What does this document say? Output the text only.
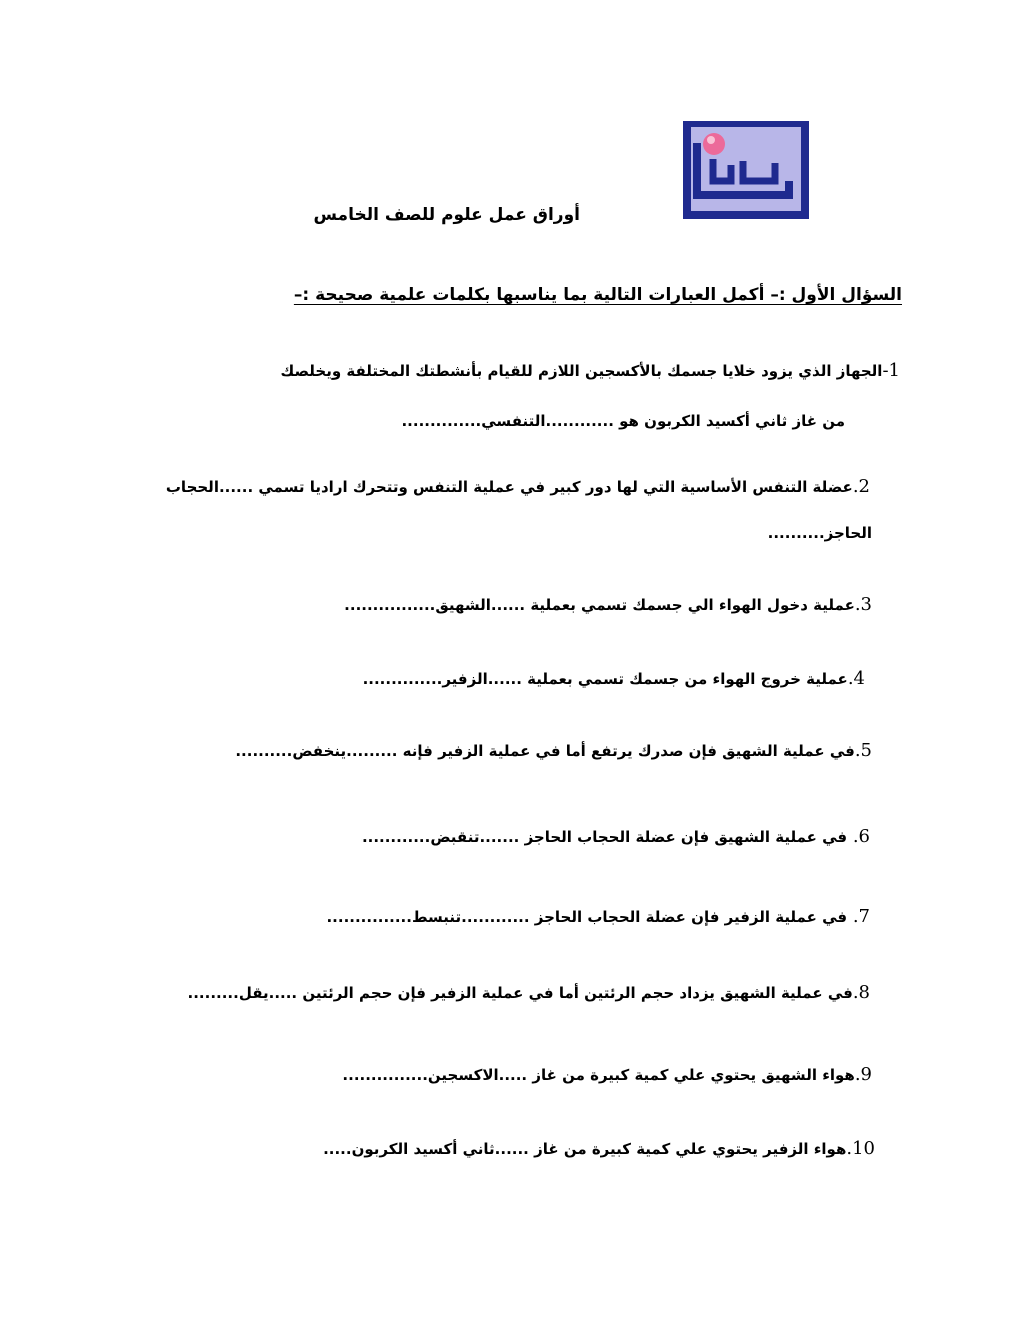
أوراق عمل علوم للصف الخامس
السؤال الأول :– أكمل العبارات التالية بما يناسبها بكلمات علمية صحيحة :–
1-الجهاز الذي يزود خلايا جسمك بالأكسجين اللازم للقيام بأنشطتك المختلفة ويخلصك
من غاز ثاني أكسيد الكربون هو ............التنفسي..............
2.عضلة التنفس الأساسية التي لها دور كبير في عملية التنفس وتتحرك اراديا تسمي ......الحجاب
الحاجز..........
3.عملية دخول الهواء الي جسمك تسمي بعملية ......الشهيق................
4.عملية خروج الهواء من جسمك تسمي بعملية ......الزفير..............
5.في عملية الشهيق فإن صدرك يرتفع أما في عملية الزفير فإنه .........ينخفض..........
6. في عملية الشهيق فإن عضلة الحجاب الحاجز .......تنقبض............
7. في عملية الزفير فإن عضلة الحجاب الحاجز ............تنبسط...............
8.في عملية الشهيق يزداد حجم الرئتين أما في عملية الزفير فإن حجم الرئتين .....يقل.........
9.هواء الشهيق يحتوي علي كمية كبيرة من غاز .....الاكسجين...............
10.هواء الزفير يحتوي علي كمية كبيرة من غاز ......ثاني أكسيد الكربون.....
